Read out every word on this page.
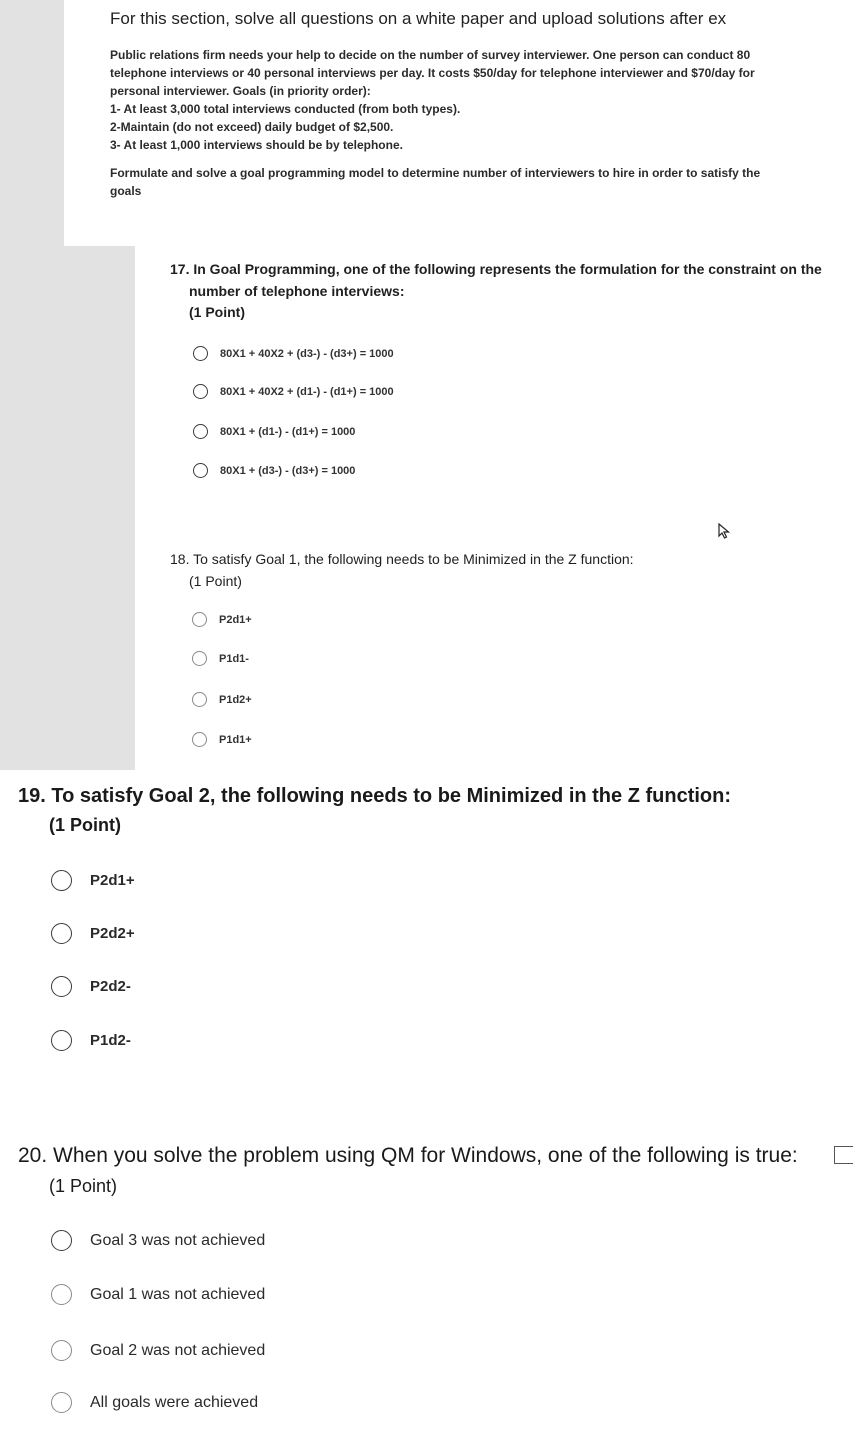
For this section, solve all questions on a white paper and upload solutions after ex
Public relations firm needs your help to decide on the number of survey interviewer. One person can conduct 80
telephone interviews or 40 personal interviews per day. It costs $50/day for telephone interviewer and $70/day for
personal interviewer. Goals (in priority order):
1- At least 3,000 total interviews conducted (from both types).
2-Maintain (do not exceed) daily budget of $2,500.
3- At least 1,000 interviews should be by telephone.
Formulate and solve a goal programming model to determine number of interviewers to hire in order to satisfy the
goals
17. In Goal Programming, one of the following represents the formulation for the constraint on the
number of telephone interviews:
(1 Point)
80X1 + 40X2 + (d3-) - (d3+) = 1000
80X1 + 40X2 + (d1-) - (d1+) = 1000
80X1 + (d1-) - (d1+) = 1000
80X1 + (d3-) - (d3+) = 1000
18. To satisfy Goal 1, the following needs to be Minimized in the Z function:
(1 Point)
P2d1+
P1d1-
P1d2+
P1d1+
19. To satisfy Goal 2, the following needs to be Minimized in the Z function:
(1 Point)
P2d1+
P2d2+
P2d2-
P1d2-
20. When you solve the problem using QM for Windows, one of the following is true:
(1 Point)
Goal 3 was not achieved
Goal 1 was not achieved
Goal 2 was not achieved
All goals were achieved
